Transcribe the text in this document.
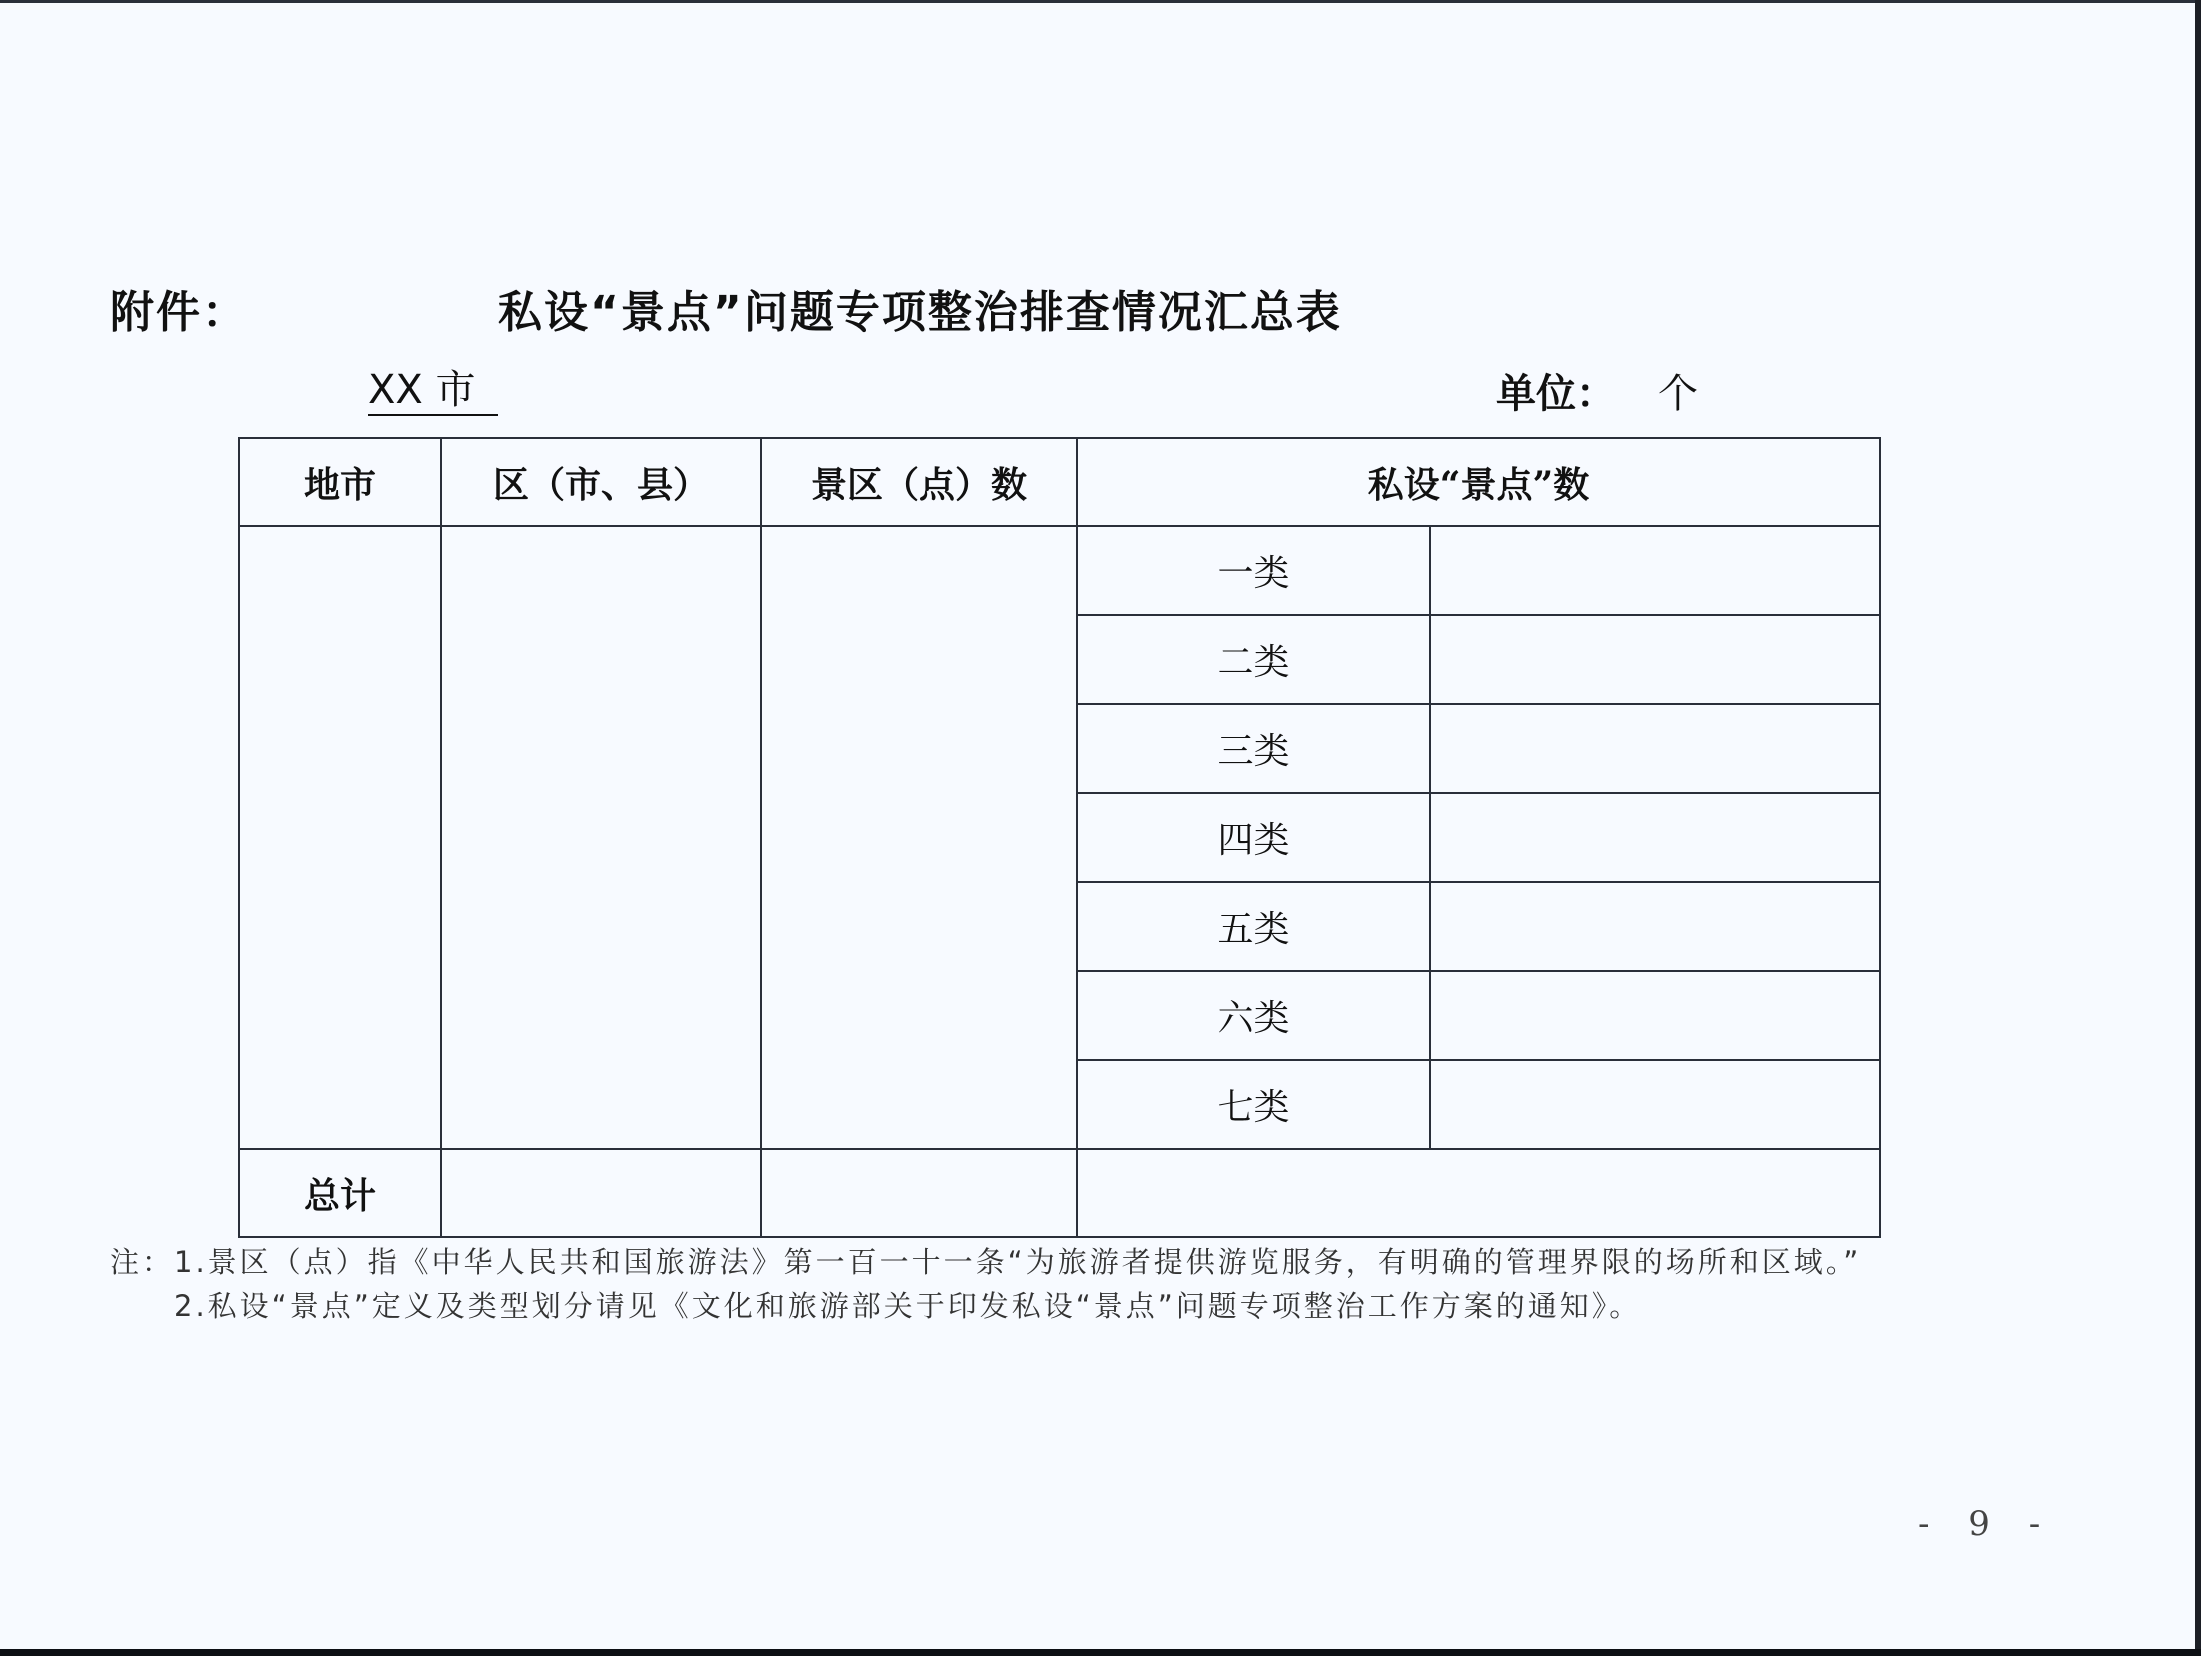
附件：	私设“景点”问题专项整治排查情况汇总表
XX 市	单位： 个
地市	区（市、县）	景区（点）数	私设“景点”数	
			一类	
			二类	
			三类	
			四类	
			五类	
			六类	
			七类	
总计				
注：1.景区（点）指《中华人民共和国旅游法》第一百一十一条“为旅游者提供游览服务，有明确的管理界限的场所和区域。”
2.私设“景点”定义及类型划分请见《文化和旅游部关于印发私设“景点”问题专项整治工作方案的通知》。
- 9 -
